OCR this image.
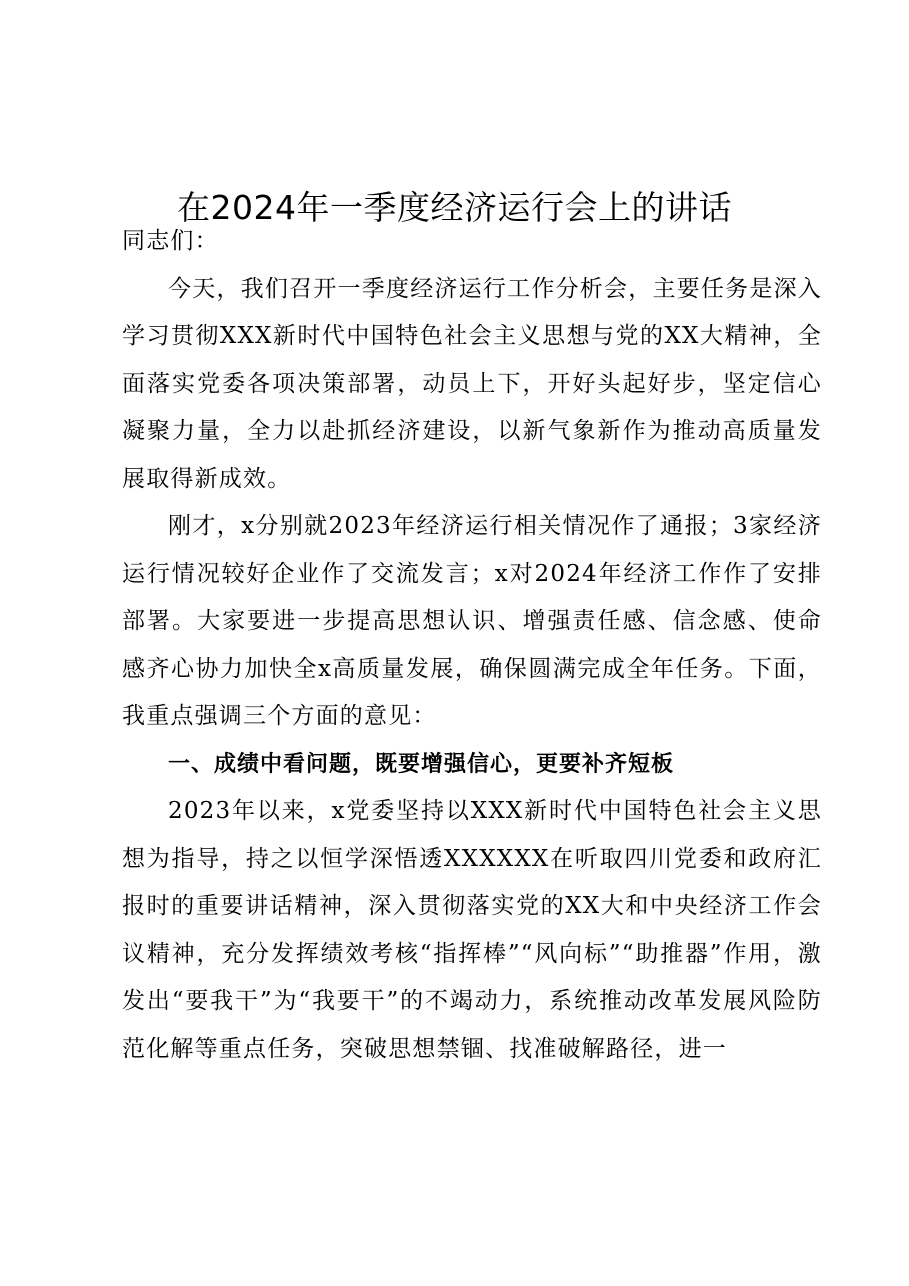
在2024年一季度经济运行会上的讲话

同志们：

今天，我们召开一季度经济运行工作分析会，主要任务是深入学习贯彻XXX新时代中国特色社会主义思想与党的XX大精神，全面落实党委各项决策部署，动员上下，开好头起好步，坚定信心凝聚力量，全力以赴抓经济建设，以新气象新作为推动高质量发展取得新成效。

刚才，x分别就2023年经济运行相关情况作了通报；3家经济运行情况较好企业作了交流发言；x对2024年经济工作作了安排部署。大家要进一步提高思想认识、增强责任感、信念感、使命感齐心协力加快全x高质量发展，确保圆满完成全年任务。下面，我重点强调三个方面的意见：

一、成绩中看问题，既要增强信心，更要补齐短板

2023年以来，x党委坚持以XXX新时代中国特色社会主义思想为指导，持之以恒学深悟透XXXXXX在听取四川党委和政府汇报时的重要讲话精神，深入贯彻落实党的XX大和中央经济工作会议精神，充分发挥绩效考核“指挥棒”“风向标”“助推器”作用，激发出“要我干”为“我要干”的不竭动力，系统推动改革发展风险防范化解等重点任务，突破思想禁锢、找准破解路径，进一
